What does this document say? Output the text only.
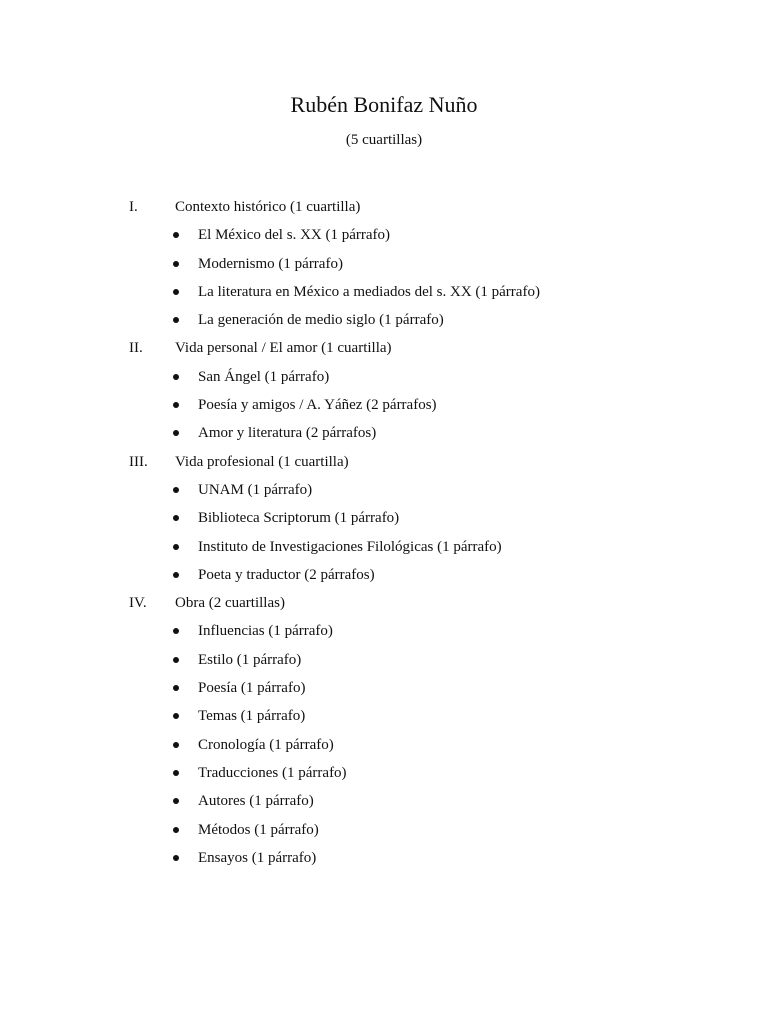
Rubén Bonifaz Nuño
(5 cuartillas)
I. Contexto histórico (1 cuartilla)
El México del s. XX (1 párrafo)
Modernismo (1 párrafo)
La literatura en México a mediados del s. XX (1 párrafo)
La generación de medio siglo (1 párrafo)
II. Vida personal / El amor (1 cuartilla)
San Ángel (1 párrafo)
Poesía y amigos / A. Yáñez (2 párrafos)
Amor y literatura (2 párrafos)
III. Vida profesional (1 cuartilla)
UNAM (1 párrafo)
Biblioteca Scriptorum (1 párrafo)
Instituto de Investigaciones Filológicas (1 párrafo)
Poeta y traductor (2 párrafos)
IV. Obra (2 cuartillas)
Influencias (1 párrafo)
Estilo (1 párrafo)
Poesía (1 párrafo)
Temas (1 párrafo)
Cronología (1 párrafo)
Traducciones (1 párrafo)
Autores (1 párrafo)
Métodos (1 párrafo)
Ensayos (1 párrafo)
